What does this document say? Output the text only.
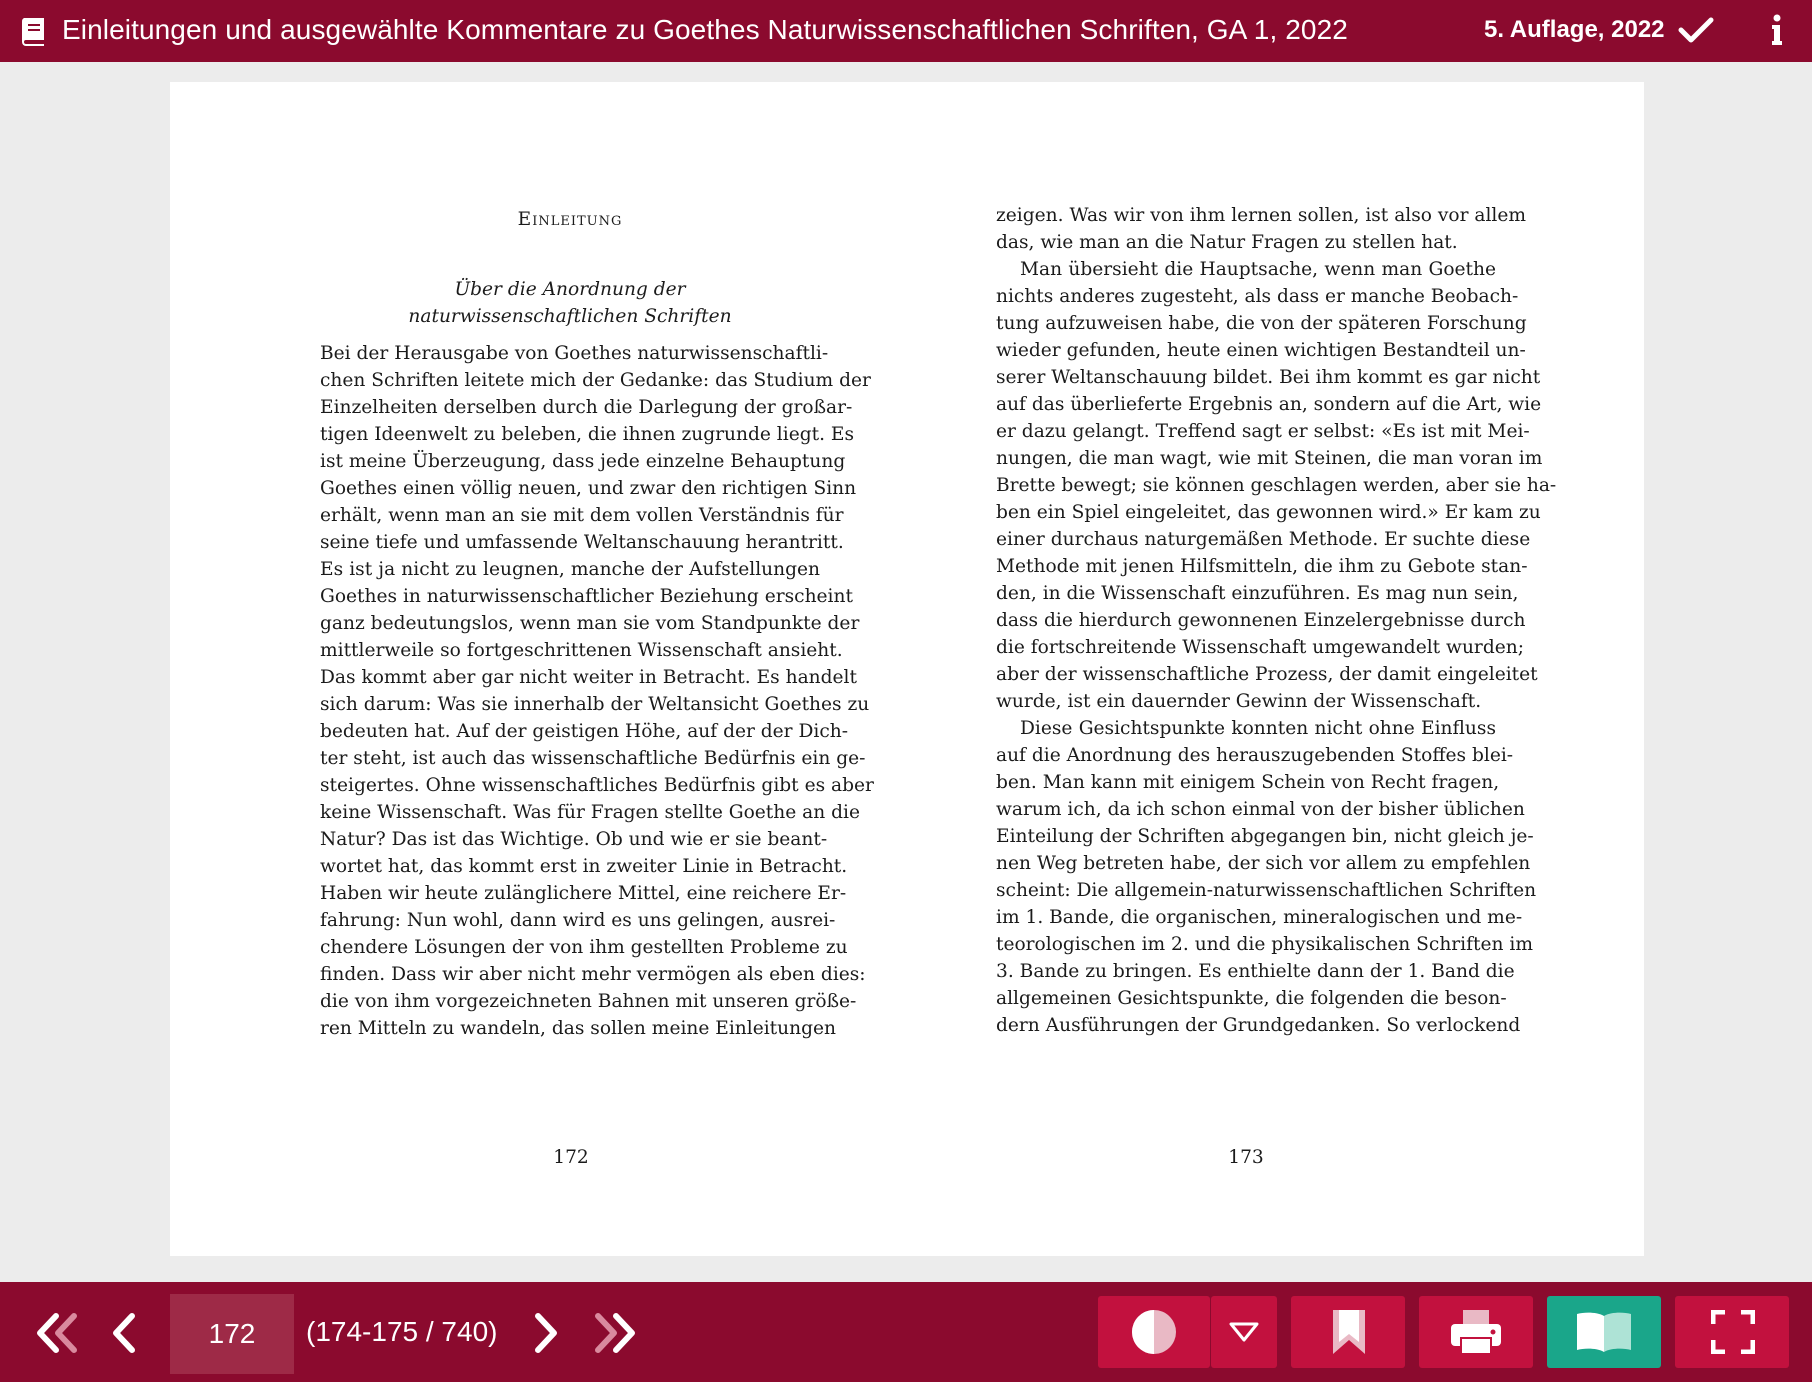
Einleitungen und ausgewählte Kommentare zu Goethes Naturwissenschaftlichen Schriften, GA 1, 2022	5. Auflage, 2022
Einleitung
Über die Anordnung der
naturwissenschaftlichen Schriften
Bei der Herausgabe von Goethes naturwissenschaftli-
chen Schriften leitete mich der Gedanke: das Studium der
Einzelheiten derselben durch die Darlegung der großar-
tigen Ideenwelt zu beleben, die ihnen zugrunde liegt. Es
ist meine Überzeugung, dass jede einzelne Behauptung
Goethes einen völlig neuen, und zwar den richtigen Sinn
erhält, wenn man an sie mit dem vollen Verständnis für
seine tiefe und umfassende Weltanschauung herantritt.
Es ist ja nicht zu leugnen, manche der Aufstellungen
Goethes in naturwissenschaftlicher Beziehung erscheint
ganz bedeutungslos, wenn man sie vom Standpunkte der
mittlerweile so fortgeschrittenen Wissenschaft ansieht.
Das kommt aber gar nicht weiter in Betracht. Es handelt
sich darum: Was sie innerhalb der Weltansicht Goethes zu
bedeuten hat. Auf der geistigen Höhe, auf der der Dich-
ter steht, ist auch das wissenschaftliche Bedürfnis ein ge-
steigertes. Ohne wissenschaftliches Bedürfnis gibt es aber
keine Wissenschaft. Was für Fragen stellte Goethe an die
Natur? Das ist das Wichtige. Ob und wie er sie beant-
wortet hat, das kommt erst in zweiter Linie in Betracht.
Haben wir heute zulänglichere Mittel, eine reichere Er-
fahrung: Nun wohl, dann wird es uns gelingen, ausrei-
chendere Lösungen der von ihm gestellten Probleme zu
finden. Dass wir aber nicht mehr vermögen als eben dies:
die von ihm vorgezeichneten Bahnen mit unseren größe-
ren Mitteln zu wandeln, das sollen meine Einleitungen
zeigen. Was wir von ihm lernen sollen, ist also vor allem
das, wie man an die Natur Fragen zu stellen hat.
Man übersieht die Hauptsache, wenn man Goethe
nichts anderes zugesteht, als dass er manche Beobach-
tung aufzuweisen habe, die von der späteren Forschung
wieder gefunden, heute einen wichtigen Bestandteil un-
serer Weltanschauung bildet. Bei ihm kommt es gar nicht
auf das überlieferte Ergebnis an, sondern auf die Art, wie
er dazu gelangt. Treffend sagt er selbst: «Es ist mit Mei-
nungen, die man wagt, wie mit Steinen, die man voran im
Brette bewegt; sie können geschlagen werden, aber sie ha-
ben ein Spiel eingeleitet, das gewonnen wird.» Er kam zu
einer durchaus naturgemäßen Methode. Er suchte diese
Methode mit jenen Hilfsmitteln, die ihm zu Gebote stan-
den, in die Wissenschaft einzuführen. Es mag nun sein,
dass die hierdurch gewonnenen Einzelergebnisse durch
die fortschreitende Wissenschaft umgewandelt wurden;
aber der wissenschaftliche Prozess, der damit eingeleitet
wurde, ist ein dauernder Gewinn der Wissenschaft.
Diese Gesichtspunkte konnten nicht ohne Einfluss
auf die Anordnung des herauszugebenden Stoffes blei-
ben. Man kann mit einigem Schein von Recht fragen,
warum ich, da ich schon einmal von der bisher üblichen
Einteilung der Schriften abgegangen bin, nicht gleich je-
nen Weg betreten habe, der sich vor allem zu empfehlen
scheint: Die allgemein-naturwissenschaftlichen Schriften
im 1. Bande, die organischen, mineralogischen und me-
teorologischen im 2. und die physikalischen Schriften im
3. Bande zu bringen. Es enthielte dann der 1. Band die
allgemeinen Gesichtspunkte, die folgenden die beson-
dern Ausführungen der Grundgedanken. So verlockend
172	173
172
(174-175 / 740)
